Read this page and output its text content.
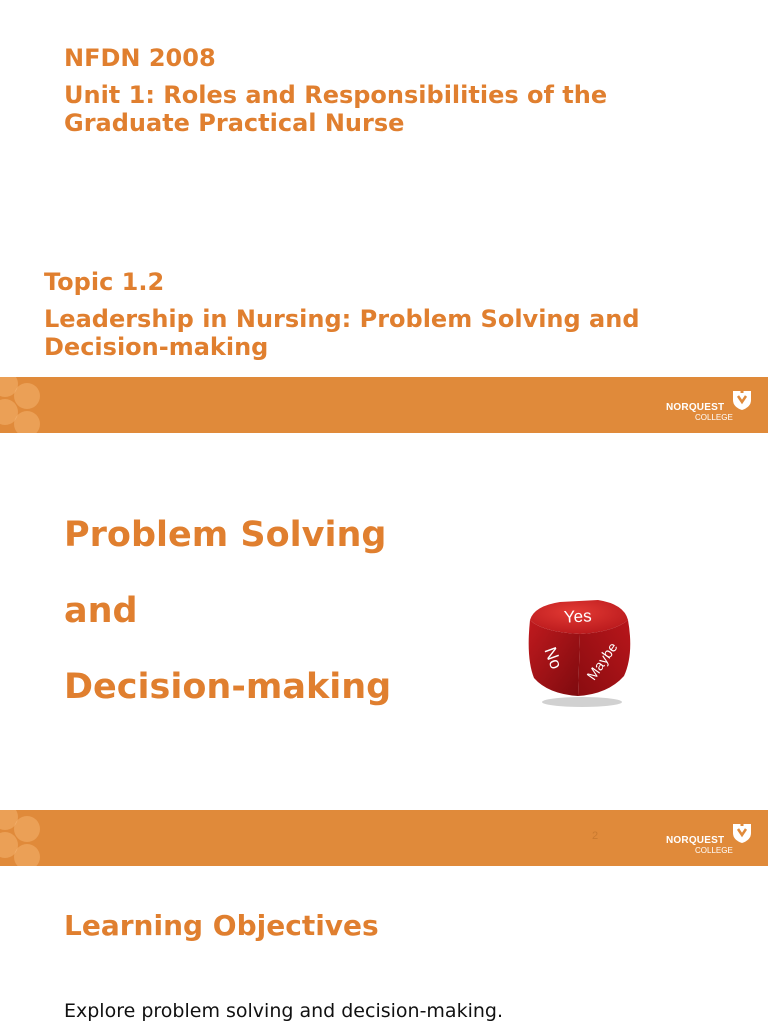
NFDN 2008

Unit 1: Roles and Responsibilities of the Graduate Practical Nurse

Topic 1.2

Leadership in Nursing: Problem Solving and Decision-making

NORQUEST
COLLEGE

Problem Solving

and

Decision-making

Yes
No Maybe
2	NORQUEST
COLLEGE

Learning Objectives

Explore problem solving and decision-making.
